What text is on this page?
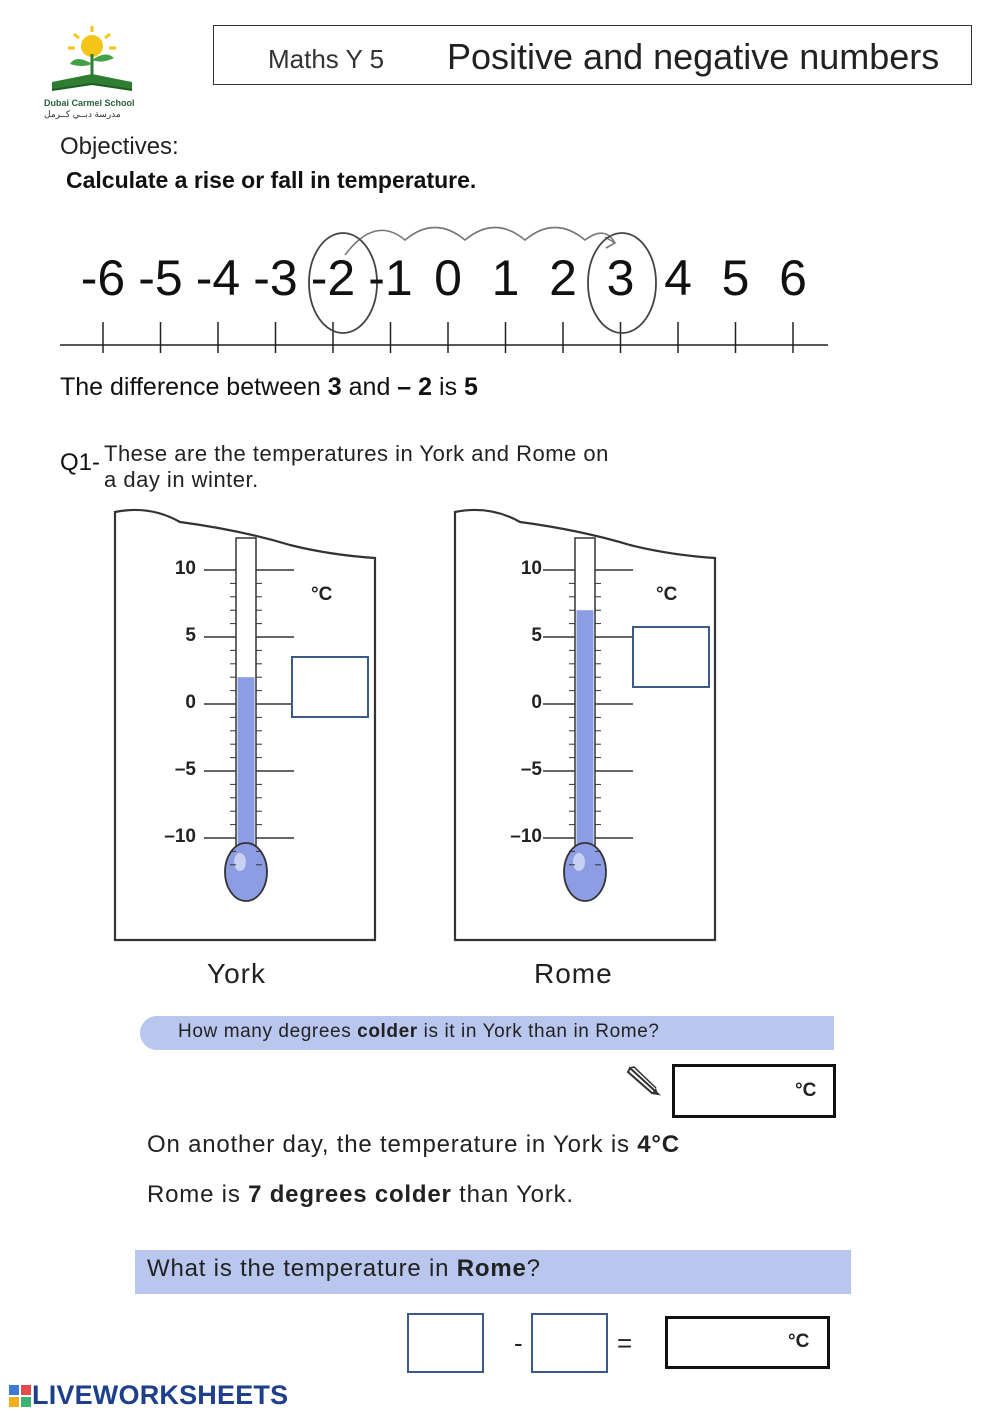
Dubai Carmel School
مدرسة دبــي كــرمل
Maths Y 5 Positive and negative numbers
Objectives:
Calculate a rise or fall in temperature.
-6 -5 -4 -3 -2 -1 0 1 2 3 4 5 6
The difference between 3 and – 2 is 5
Q1- These are the temperatures in York and Rome on
a day in winter.
10
5
0
–5
–10
°C
10
5
0
–5
–10
°C
York	Rome
How many degrees colder is it in York than in Rome?
°C
On another day, the temperature in York is 4°C
Rome is 7 degrees colder than York.
What is the temperature in Rome?
-	=	°C
LIVEWORKSHEETS
